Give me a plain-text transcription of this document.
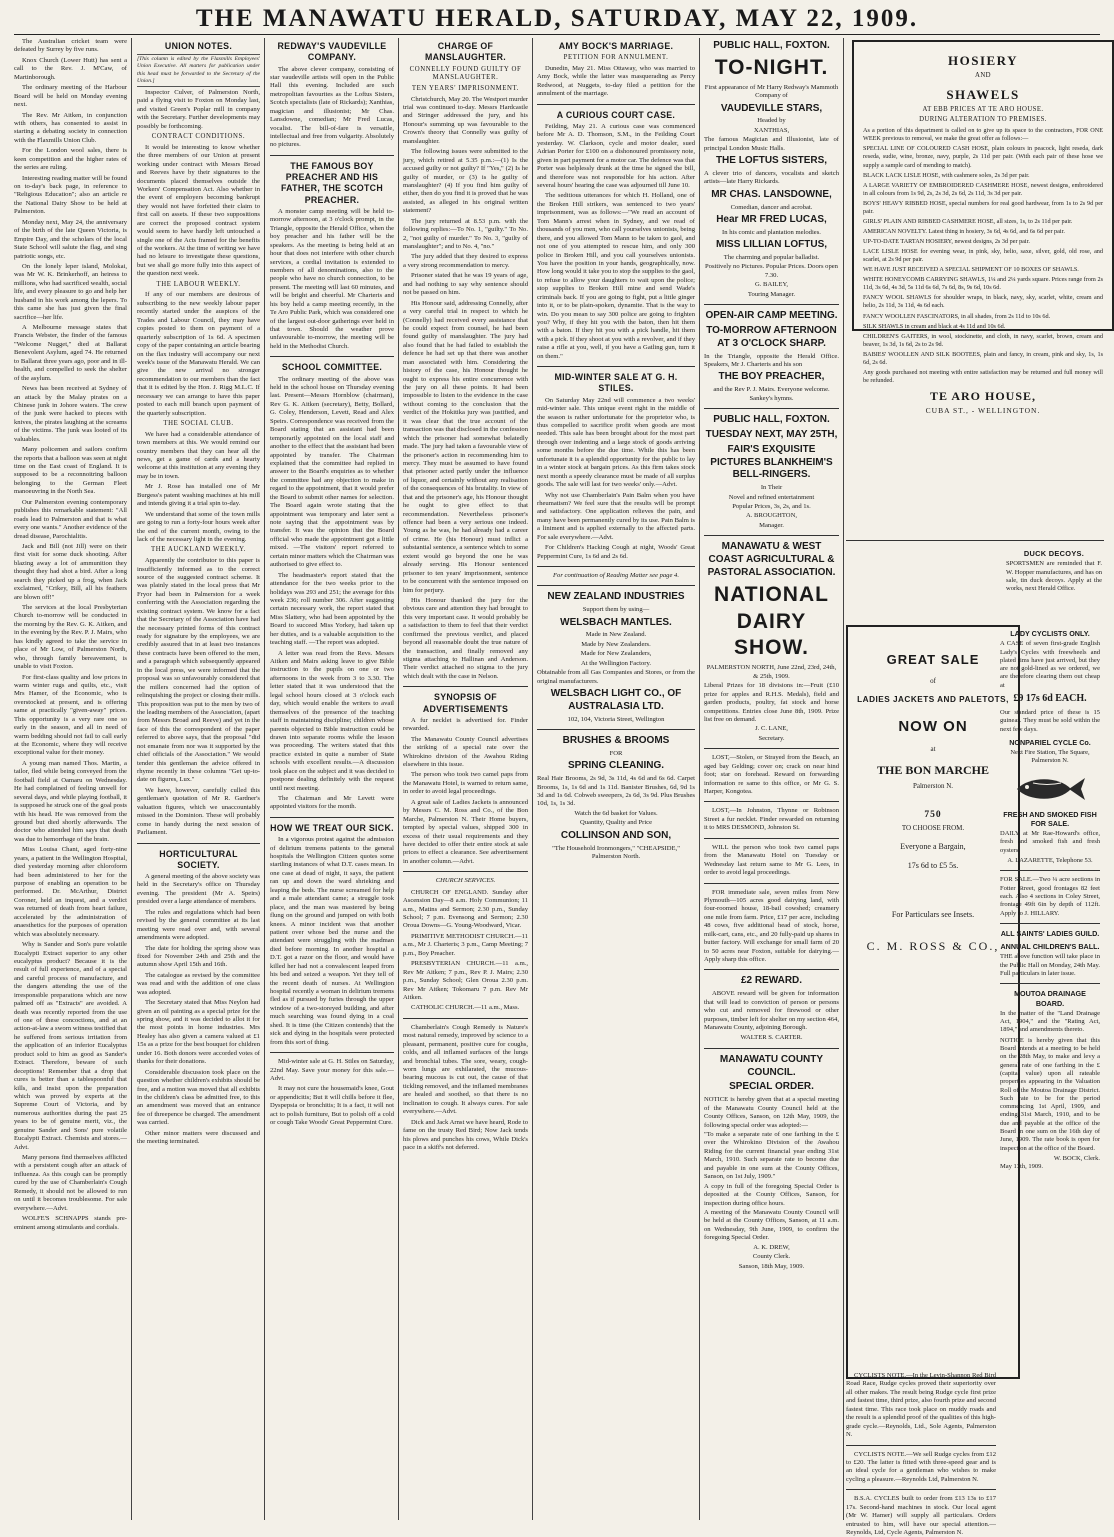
THE MANAWATU HERALD, SATURDAY, MAY 22, 1909.

The Australian cricket team were defeated by Surrey by five runs.

Knox Church (Lower Hutt) has sent a call to the Rev. J. M'Caw, of Martinborough.

The ordinary meeting of the Harbour Board will be held on Monday evening next.

The Rev. Mr Aitken, in conjunction with others, has consented to assist in starting a debating society in connection with the Flaxmills Union Club.

For the London wool sales, there is keen competition and the higher rates of the series are ruling.

Interesting reading matter will be found on to-day's back page, in reference to "Religious Education"; also an article re the National Dairy Show to be held at Palmerston.

Monday next, May 24, the anniversary of the birth of the late Queen Victoria, is Empire Day, and the scholars of the local State School will salute the flag, and sing patriotic songs, etc.

On the lonely leper island, Molokai, was Mr W. K. Brinkerhoff, an heiress to millions, who had sacrificed wealth, social life, and every pleasure to go and help her husband in his work among the lepers. To this came she has just given the final sacrifice—her life.

A Melbourne message states that Francis Webster, the finder of the famous "Welcome Nugget," died at Ballarat Benevolent Asylum, aged 74. He returned to Ballarat three years ago, poor and in ill-health, and compelled to seek the shelter of the asylum.

News has been received at Sydney of an attack by the Malay pirates on a Chinese junk in Johore waters. The crew of the junk were hacked to pieces with knives, the pirates laughing at the screams of the victims. The junk was looted of its valuables.

Many policemen and sailors confirm the reports that a balloon was seen at night time on the East coast of England. It is supposed to be a reconnoitring balloon belonging to the German Fleet manoeuvring in the North Sea.

Our Palmerston evening contemporary publishes this remarkable statement: "All roads lead to Palmerston and that is what every one wants." Another evidence of the dread disease, Parochialitis.

Jack and Bill (not Jill) were on their first visit for some duck shooting. After blazing away a lot of ammunition they thought they had shot a bird. After a long search they picked up a frog, when Jack exclaimed, "Crikey, Bill, all his feathers are blown off!"

The services at the local Presbyterian Church to-morrow will be conducted in the morning by the Rev. G. K. Aitken, and in the evening by the Rev. P. J. Mairs, who has kindly agreed to take the service in place of Mr Low, of Palmerston North, who, through family bereavement, is unable to visit Foxton.

For first-class quality and low prices in warm winter rugs and quilts, etc., visit Mrs Hamer, of the Economic, who is overstocked at present, and is offering same at practically "given-away" prices. This opportunity is a very rare one so early in the season, and all in need of warm bedding should not fail to call early at the Economic, where they will receive exceptional value for their money.

A young man named Thos. Martin, a tailor, fled while being conveyed from the football field at Oamaru on Wednesday. He had complained of feeling unwell for several days, and while playing football, it is supposed he struck one of the goal posts with his head. He was removed from the ground but died shortly afterwards. The doctor who attended him says that death was due to hemorrhage of the brain.

Miss Louisa Chant, aged forty-nine years, a patient in the Wellington Hospital, died yesterday morning after chloroform had been administered to her for the purpose of enabling an operation to be performed. Dr. McArthur, District Coroner, held an inquest, and a verdict was returned of death from heart failure, accelerated by the administration of anaesthetics for the purposes of operation which was absolutely necessary.

Why is Sander and Son's pure volatile Eucalypti Extract superior to any other eucalyptus product? Because it is the result of full experience, and of a special and careful process of manufacture, and the dangers attending the use of the irresponsible preparations which are now palmed off as "Extracts" are avoided. A death was recently reported from the use of one of these concoctions, and at an action-at-law a sworn witness testified that he suffered from serious irritation from the application of an inferior Eucalyptus product sold to him as good as Sander's Extract. Therefore, beware of such deceptions! Remember that a drop that cures is better than a tablespoonful that kills, and insist upon the preparation which was proved by experts at the Supreme Court of Victoria, and by numerous authorities during the past 25 years to be of genuine merit, viz., the genuine Sander and Sons' pure volatile Eucalypti Extract. Chemists and stores.—Advt.

Many persons find themselves afflicted with a persistent cough after an attack of influenza. As this cough can be promptly cured by the use of Chamberlain's Cough Remedy, it should not be allowed to run on until it becomes troublesome. For sale everywhere.—Advt.

WOLFE'S SCHNAPPS stands pre-eminent among stimulants and cordials.

UNION NOTES.
[This column is edited by the Flaxmills Employees' Union Executive. All matters for publication under this head must be forwarded to the Secretary of the Union.]

Inspector Culver, of Palmerston North, paid a flying visit to Foxton on Monday last, and visited Green's Poplar mill in company with the Secretary. Further developments may possibly be forthcoming.

CONTRACT CONDITIONS.

It would be interesting to know whether the three members of our Union at present working under contract with Messrs Broad and Reeves have by their signatures to the documents placed themselves outside the Workers' Compensation Act. Also whether in the event of employers becoming bankrupt they would not have forfeited their claim to first call on assets. If these two suppositions are correct the proposed contract system would seem to have hardly left untouched a single one of the Acts framed for the benefits of the workers. At the time of writing we have had no leisure to investigate these questions, but we shall go more fully into this aspect of the question next week.

THE LABOUR WEEKLY.

If any of our members are desirous of subscribing to the new weekly labour paper recently started under the auspices of the Trades and Labour Council, they may have copies posted to them on payment of a quarterly subscription of 1s 6d. A specimen copy of the paper containing an article bearing on the flax industry will accompany our next week's issue of the Manawatu Herald. We can give the new arrival no stronger recommendation to our members than the fact that it is edited by the Hon. J. Rigg M.L.C. If necessary we can arrange to have this paper posted to each mill branch upon payment of the quarterly subscription.

THE SOCIAL CLUB.

We have had a considerable attendance of town members at this. We would remind our country members that they can hear all the news, get a game of cards and a hearty welcome at this institution at any evening they may be in town.

Mr J. Rose has installed one of Mr Burgess's patent washing machines at his mill and intends giving it a trial spin to-day.

We understand that some of the town mills are going to run a forty-four hours week after the end of the current month, owing to the lack of the necessary light in the evening.

THE AUCKLAND WEEKLY.

Apparently the contributor to this paper is insufficiently informed as to the correct source of the suggested contract scheme. It was plainly stated in the local press that Mr Fryor had been in Palmerston for a week conferring with the Association regarding the existing contract system. We know for a fact that the Secretary of the Association have had the necessary printed forms of this contract ready for signature by the employees, we are credibly assured that in at least two instances these contracts have been offered to the men, and a paragraph which subsequently appeared in the local press, we were informed that the proposal was so unfavourably considered that the millers concerned had the option of relinquishing the project or closing their mills. This proposition was put to the men by two of the leading members of the Association, (apart from Messrs Broad and Reeve) and yet in the face of this the correspondent of the paper referred to above says, that the proposal "did not emanate from nor was it supported by the chief officials of the Association." We would tender this gentleman the advice offered in rhyme recently in these columns "Get up-to-date on figures, Lux."

We have, however, carefully culled this gentleman's quotation of Mr R. Gardner's valuation figures, which we unaccountably missed in the Dominion. These will probably come in handy during the next session of Parliament.

HORTICULTURAL SOCIETY.

A general meeting of the above society was held in the Secretary's office on Thursday evening. The president (Mr A. Speirs) presided over a large attendance of members.

The rules and regulations which had been revised by the general committee at its last meeting were read over and, with several amendments were adopted.

The date for holding the spring show was fixed for November 24th and 25th and the autumn show April 15th and 16th.

The catalogue as revised by the committee was read and with the addition of one class was adopted.

The Secretary stated that Miss Neylon had given an oil painting as a special prize for the spring show, and it was decided to allot it for the most points in home industries. Mrs Healey has also given a camera valued at £1 15s as a prize for the best bouquet for children under 16. Both donors were accorded votes of thanks for their donations.

Considerable discussion took place on the question whether children's exhibits should be free, and a motion was moved that all exhibits in the children's class be admitted free, to this an amendment was moved that an entrance fee of threepence be charged. The amendment was carried.

Other minor matters were discussed and the meeting terminated.

REDWAY'S VAUDEVILLE COMPANY.

The above clever company, consisting of star vaudeville artists will open in the Public Hall this evening. Included are such metropolitan favourites as the Loftus Sisters, Scotch specialists (late of Rickards); Xanthias, magician and illusionist; Mr Chas. Lansdowne, comedian; Mr Fred Lucas, vocalist. The bill-of-fare is versatile, intellectual and free from vulgarity. Absolutely no pictures.

THE FAMOUS BOY PREACHER AND HIS FATHER, THE SCOTCH PREACHER.

A monster camp meeting will be held to-morrow afternoon, at 3 o'clock prompt, in the Triangle, opposite the Herald Office, when the boy preacher and his father will be the speakers. As the meeting is being held at an hour that does not interfere with other church services, a cordial invitation is extended to members of all denominations, also to the people who have no church connection, to be present. The meeting will last 60 minutes, and will be bright and cheerful. Mr Charteris and his boy held a camp meeting recently, in the Te Aro Public Park, which was considered one of the largest out-door gatherings ever held in that town. Should the weather prove unfavourable to-morrow, the meeting will be held in the Methodist Church.

SCHOOL COMMITTEE.

The ordinary meeting of the above was held in the school house on Thursday evening last. Present—Messrs Hornblow (chairman), Rev G. K. Aitken (secretary), Betty, Bollard, G. Coley, Henderson, Levett, Read and Alex Speirs. Correspondence was received from the Board stating that an assistant had been temporarily appointed on the local staff and another to the effect that the assistant had been appointed by transfer. The Chairman explained that the committee had replied in answer to the Board's enquiries as to whether the committee had any objection to make in regard to the appointment, that it would prefer the Board to submit other names for selection. The Board again wrote stating that the appointment was temporary and later sent a note saying that the appointment was by transfer. It was the opinion that the Board official who made the appointment got a little mixed. —The visitors' report referred to certain minor matters which the Chairman was authorised to give effect to.

The headmaster's report stated that the attendance for the two weeks prior to the holidays was 293 and 251; the average for this week 236; roll number 306. After suggesting certain necessary work, the report stated that Miss Slattery, who had been appointed by the Board to succeed Miss Yorkey, had taken up her duties, and is a valuable acquisition to the teaching staff. —The report was adopted.

A letter was read from the Revs. Messrs Aitken and Mairs asking leave to give Bible instruction to the pupils on one or two afternoons in the week from 3 to 3.30. The letter stated that it was understood that the legal school hours closed at 3 o'clock each day, which would enable the writers to avail themselves of the presence of the teaching staff in maintaining discipline; children whose parents objected to Bible instruction could be drawn into separate rooms while the lesson was proceeding. The writers stated that this practice existed in quite a number of State schools with excellent results.—A discussion took place on the subject and it was decided to postpone dealing definitely with the request until next meeting.

The Chairman and Mr Levett were appointed visitors for the month.

HOW WE TREAT OUR SICK.

In a vigorous protest against the admission of delirium tremens patients to the general hospitals the Wellington Citizen quotes some startling instances of what D.T. cases mean. In one case at dead of night, it says, the patient ran up and down the ward shrieking and leaping the beds. The nurse screamed for help and a male attendant came; a struggle took place, and the man was mastered by being flung on the ground and jumped on with both knees. A minor incident was that another patient over whose bed the nurse and the attendant were struggling with the madman died before morning. In another hospital a D.T. got a razor on the floor, and would have killed her had not a convalescent leaped from his bed and seized a weapon. Yet they tell of the recent death of nurses. At Wellington hospital recently a woman in delirium tremens fled as if pursued by furies through the upper window of a two-storeyed building, and after much searching was found dying in a coal shed. It is time (the Citizen contends) that the sick and dying in the hospitals were protected from this sort of thing.

Mid-winter sale at G. H. Stiles on Saturday, 22nd May. Save your money for this sale.—Advt.

It may not cure the housemaid's knee, Gout or appendicitis; But it will chills before it flee, Dyspepsia or bronchitis; It is a fact, it will not act to polish furniture, But to polish off a cold or cough Take Woods' Great Peppermint Cure.

CHARGE OF MANSLAUGHTER.
CONNELLY FOUND GUILTY OF MANSLAUGHTER.
TEN YEARS' IMPRISONMENT.

Christchurch, May 20. The Westport murder trial was continued to-day. Messrs Hardcastle and Stringer addressed the jury, and his Honour's summing up was favourable to the Crown's theory that Connelly was guilty of manslaughter.

The following issues were submitted to the jury, which retired at 5.35 p.m.:—(1) Is the accused guilty or not guilty? If "Yes," (2) Is he guilty of murder, or (3) is he guilty of manslaughter? (4) If you find him guilty of either, then do you find it is proved that he was assisted, as alleged in his original written statement?

The jury returned at 8.53 p.m. with the following replies:—To No. 1, "guilty." To No. 2, "not guilty of murder." To No. 3, "guilty of manslaughter"; and to No. 4, "no."

The jury added that they desired to express a very strong recommendation to mercy.

Prisoner stated that he was 19 years of age, and had nothing to say why sentence should not be passed on him.

His Honour said, addressing Connelly, after a very careful trial in respect to which he (Connelly) had received every assistance that he could expect from counsel, he had been found guilty of manslaughter. The jury had also found that he had failed to establish the defence he had set up that there was another man associated with him. Considering the history of the case, his Honour thought he ought to express his entire concurrence with the jury on all these points. It had been impossible to listen to the evidence in the case without coming to the conclusion that the verdict of the Hokitika jury was justified, and it was clear that the true account of the transaction was that disclosed in the confession which the prisoner had somewhat belatedly made. The jury had taken a favourable view of the prisoner's action in recommending him to mercy. They must be assumed to have found that prisoner acted partly under the influence of liquor, and certainly without any realisation of the consequences of his brutality. In view of that and the prisoner's age, his Honour thought he ought to give effect to that recommendation. Nevertheless prisoner's offence had been a very serious one indeed. Young as he was, he had already had a career of crime. He (his Honour) must inflict a substantial sentence, a sentence which to some extent would go beyond the one he was already serving. His Honour sentenced prisoner to ten years' imprisonment, sentence to be concurrent with the sentence imposed on him for perjury.

His Honour thanked the jury for the obvious care and attention they had brought to this very important case. It would probably be a satisfaction to them to feel that their verdict confirmed the previous verdict, and placed beyond all reasonable doubt the true nature of the transaction, and finally removed any stigma attaching to Hallinan and Anderson. Their verdict attached no stigma to the jury which dealt with the case in Nelson.

SYNOPSIS OF ADVERTISEMENTS

A fur necklet is advertised for. Finder rewarded.

The Manawatu County Council advertises the striking of a special rate over the Whirokino division of the Awahou Riding elsewhere in this issue.

The person who took two camel paps from the Manawatu Hotel, is warned to return same, in order to avoid legal proceedings.

A great sale of Ladies Jackets is announced by Messrs C. M. Ross and Co., of the Bon Marche, Palmerston N. Their Home buyers, tempted by special values, shipped 300 in excess of their usual requirements and they have decided to offer their entire stock at sale prices to effect a clearance. See advertisement in another column.—Advt.

CHURCH SERVICES.

CHURCH OF ENGLAND. Sunday after Ascension Day—8 a.m. Holy Communion; 11 a.m., Matins and Sermon; 2.30 p.m., Sunday School; 7 p.m. Evensong and Sermon; 2.30 Oroua Downs—G. Young-Woodward, Vicar.

PRIMITIVE METHODIST CHURCH.—11 a.m., Mr J. Charteris; 3 p.m., Camp Meeting; 7 p.m., Boy Preacher.

PRESBYTERIAN CHURCH.—11 a.m., Rev Mr Aitken; 7 p.m., Rev P. J. Mairs; 2.30 p.m., Sunday School; Glen Oroua 2.30 p.m. Rev Mr Aitken; Tokomaru 7 p.m. Rev Mr Aitken.

CATHOLIC CHURCH.—11 a.m., Mass.

Chamberlain's Cough Remedy is Nature's most natural remedy, improved by science to a pleasant, permanent, positive cure for coughs, colds, and all inflamed surfaces of the lungs and bronchial tubes. The sore, weary, cough-worn lungs are exhilarated, the mucous-bearing mucous is cut out, the cause of that tickling removed, and the inflamed membranes are healed and soothed, so that there is no inclination to cough. It always cures. For sale everywhere.—Advt.

Dick and Jack Arnst we have heard, Rode to fame on the trusty Red Bird; Now Jack tends his plows and punches his cows, While Dick's pace in a skiff's not deferred.

AMY BOCK'S MARRIAGE.
PETITION FOR ANNULMENT.

Dunedin, May 21. Miss Ottaway, who was married to Amy Bock, while the latter was masquerading as Percy Redwood, at Nuggets, to-day filed a petition for the annulment of the marriage.

A CURIOUS COURT CASE.

Feilding, May 21. A curious case was commenced before Mr A. D. Thomson, S.M., in the Feilding Court yesterday. W. Clarkson, cycle and motor dealer, sued Adrian Porter for £100 on a dishonoured promissory note, given in part payment for a motor car. The defence was that Porter was helplessly drunk at the time he signed the bill, and therefore was not responsible for his action. After several hours' hearing the case was adjourned till June 10.

The seditious utterances for which H. Holland, one of the Broken Hill strikers, was sentenced to two years' imprisonment, was as follows:—"We read an account of Tom Mann's arrest when in Sydney, and we read of thousands of you men, who call yourselves unionists, being there, and you allowed Tom Mann to be taken to gaol, and not one of you attempted to rescue him, and only 300 police in Broken Hill, and you call yourselves unionists. You have the position in your hands, geographically, now. How long would it take you to stop the supplies to the gaol, to refuse to allow your daughters to wait upon the police; stop supplies to Broken Hill mine and send Wade's criminals back. If you are going to fight, put a little ginger into it, or to be plain-spoken, dynamite. That is the way to win. Do you mean to say 300 police are going to frighten you? Why, if they hit you with the baton, then hit them with a baton. If they hit you with a pick handle, hit them with a pick. If they shoot at you with a revolver, and if they raise a rifle at you, well, if you have a Gatling gun, turn it on them."

MID-WINTER SALE AT G. H. STILES.

On Saturday May 22nd will commence a two weeks' mid-winter sale. This unique event right in the middle of the season is rather unfortunate for the proprietor who, is thus compelled to sacrifice profit when goods are most needed. This sale has been brought about for the most part through over indenting and a large stock of goods arriving some months before the due time. While this has been unfortunate it is a splendid opportunity for the public to lay in a winter stock at bargain prices. As this firm takes stock next month a speedy clearance must be made of all surplus goods. The sale will last for two weeks' only.—Advt.

Why not use Chamberlain's Pain Balm when you have rheumatism? We feel sure that the results will be prompt and satisfactory. One application relieves the pain, and many have been permanently cured by its use. Pain Balm is a liniment and is applied externally to the affected parts. For sale everywhere.—Advt.

For Children's Hacking Cough at night, Woods' Great Peppermint Cure, 1s 6d and 2s 6d.

For continuation of Reading Matter see page 4.
NEW ZEALAND INDUSTRIES
Support them by using—
WELSBACH MANTLES.
Made in New Zealand.
Made by New Zealanders.
Made for New Zealanders,
At the Wellington Factory.
Obtainable from all Gas Companies and Stores, or from the original manufacturers.
WELSBACH LIGHT CO., OF AUSTRALASIA LTD.
102, 104, Victoria Street, Wellington
BRUSHES & BROOMS
FOR
SPRING CLEANING.
Real Hair Brooms, 2s 9d, 3s 11d, 4s 6d and 6s 6d. Carpet Brooms, 1s, 1s 6d and 1s 11d. Banister Brushes, 6d, 9d 1s 3d and 1s 6d. Cobweb sweepers, 2s 6d, 3s 9d. Plus Brushes 10d, 1s, 1s 3d.
Watch the 6d basket for Values.
Quantity, Quality and Price
COLLINSON AND SON,
"The Household Ironmongers," "CHEAPSIDE," Palmerston North.
PUBLIC HALL, FOXTON.
TO-NIGHT.
First appearance of Mr Harry Redway's Mammoth Company of
VAUDEVILLE STARS,
Headed by
XANTHIAS,
The famous Magician and Illusionist, late of principal London Music Halls.
THE LOFTUS SISTERS,
A clever trio of dancers, vocalists and sketch artists—late Harry Rickards.
MR CHAS. LANSDOWNE,
Comedian, dancer and acrobat.
Hear MR FRED LUCAS,
In his comic and plantation melodies.
MISS LILLIAN LOFTUS,
The charming and popular balladist.
Positively no Pictures. Popular Prices. Doors open 7.30.
G. BAILEY,
Touring Manager.
OPEN-AIR CAMP MEETING.
TO-MORROW AFTERNOON AT 3 O'CLOCK SHARP.
In the Triangle, opposite the Herald Office. Speakers, Mr J. Charteris and his son
THE BOY PREACHER,
and the Rev P. J. Mairs. Everyone welcome. Sankey's hymns.
PUBLIC HALL, FOXTON.
TUESDAY NEXT, MAY 25TH,
FAIR'S EXQUISITE PICTURES BLANKHEIM'S BELL-RINGERS.
In Their
Novel and refined entertainment
Popular Prices, 3s, 2s, and 1s.
A. BROUGHTON,
Manager.
MANAWATU & WEST COAST AGRICULTURAL & PASTORAL ASSOCIATION.
NATIONAL DAIRY SHOW.
PALMERSTON NORTH, June 22nd, 23rd, 24th, & 25th, 1909.
Liberal Prizes for 18 divisions in:—Fruit (£10 prize for apples and R.H.S. Medals), field and garden products, poultry, fat stock and horse competitions. Entries close June 8th, 1909. Prize list free on demand.
J. C. LANE,
Secretary.

LOST,—Stolen, or Strayed from the Beach, an aged bay Gelding; cover on; crack on near hind foot; star on forehead. Reward on forwarding information re same to this office, or Mr G. S. Harper, Kongotea.

LOST,—In Johnston, Thynne or Robinson Street a fur necklet. Finder rewarded on returning it to MRS DESMOND, Johnston St.

WILL the person who took two camel paps from the Manawatu Hotel on Tuesday or Wednesday last return same to Mr G. Lees, in order to avoid legal proceedings.

FOR immediate sale, seven miles from New Plymouth—105 acres good dairying land, with four-roomed house, 18-bail cowshed; creamery one mile from farm. Price, £17 per acre, including 48 cows, five additional head of stock, horse, milk-cart, cans, etc., and 20 fully-paid up shares in butter factory. Will exchange for small farm of 20 to 50 acres near Foxton, suitable for dairying.—Apply sharp this office.

£2 REWARD.

ABOVE reward will be given for information that will lead to conviction of person or persons who cut and removed for firewood or other purposes, timber left for shelter on my section 464, Manawatu County, adjoining Borough.

WALTER S. CARTER.
MANAWATU COUNTY COUNCIL.
SPECIAL ORDER.
NOTICE is hereby given that at a special meeting of the Manawatu County Council held at the County Offices, Sanson, on 12th May, 1909, the following special order was adopted:—
"To make a separate rate of one farthing in the £ over the Whirokino Division of the Awahou Riding for the current financial year ending 31st March, 1910. Such separate rate to become due and payable in one sum at the County Offices, Sanson, on 1st July, 1909."
A copy in full of the foregoing Special Order is deposited at the County Offices, Sanson, for inspection during office hours.
A meeting of the Manawatu County Council will be held at the County Offices, Sanson, at 11 a.m. on Wednesday, 9th June, 1909, to confirm the foregoing Special Order.
A. K. DREW,
County Clerk.
Sanson, 18th May, 1909.
HOSIERY
AND
SHAWELS
AT EBB PRICES AT TE ARO HOUSE.
DURING ALTERATION TO PREMISES.

As a portion of this department is called on to give up its space to the contractors, FOR ONE WEEK previous to removal, we make the great offer as follows:—

SPECIAL LINE OF COLOURED CASH HOSE, plain colours in peacock, light reseda, dark reseda, sudie, wine, bronze, navy, purple, 2s 11d per pair. (With each pair of these hose we supply a sample card of mending to match).

BLACK LACK LISLE HOSE, with cashmere soles, 2s 3d per pair.

A LARGE VARIETY OF EMBROIDERED CASHMERE HOSE, newest designs, embroidered in all colours from 1s 9d, 2s, 2s 3d, 2s 6d, 2s 11d, 3s 3d per pair.

BOYS' HEAVY RIBBED HOSE, special numbers for real good hardwear, from 1s to 2s 9d per pair.

GIRLS' PLAIN AND RIBBED CASHMERE HOSE, all sizes, 1s, to 2s 11d per pair.

AMERICAN NOVELTY. Latest thing in hosiery, 3s 6d, 4s 6d, and 6s 6d per pair.

UP-TO-DATE TARTAN HOSIERY, newest designs, 2s 3d per pair.

LACE LISLE HOSE for evening wear, in pink, sky, helio, saxe, silver, gold, old rose, and scarlet, at 2s 9d per pair.

WE HAVE JUST RECEIVED A SPECIAL SHIPMENT OF 10 BOXES OF SHAWLS.

WHITE HONEYCOMB CARRYING SHAWLS, 1¼ and 2¼ yards square. Prices range from 2s 11d, 3s 6d, 4s 3d, 5s 11d 6s 6d, 7s 6d, 8s, 9s 6d, 10s 6d.

FANCY WOOL SHAWLS for shoulder wraps, in black, navy, sky, scarlet, white, cream and helio, 2s 11d, 3s 11d, 4s 6d each.

FANCY WOOLLEN FASCINATORS, in all shades, from 2s 11d to 10s 6d.

SILK SHAWLS in cream and black at 4s 11d and 10s 6d.

CHILDREN'S GAITERS, in wool, stockinette, and cloth, in navy, scarlet, brown, cream and beaver, 1s 3d, 1s 6d, 2s to 2s 9d.

BABIES' WOOLLEN AND SILK BOOTEES, plain and fancy, in cream, pink and sky, 1s, 1s 6d, 2s 6d.

Any goods purchased not meeting with entire satisfaction may be returned and full money will be refunded.

TE ARO HOUSE,
CUBA ST., - WELLINGTON.
DUCK DECOYS.

SPORTSMEN are reminded that F. W. Hopper manufactures, and has on sale, tin duck decoys. Apply at the works, next Herald Office.

GREAT SALE
of
LADIES JACKETS AND PALETOTS,
NOW ON
at
THE BON MARCHE
Palmerston N.
750
TO CHOOSE FROM.
Everyone a Bargain,
17s 6d to £5 5s.
For Particulars see Insets.
C. M. ROSS & CO.,
LADY CYCLISTS ONLY.

A CASE of seven first-grade English Lady's Cycles with freewheels and plated rims have just arrived, but they are not gold-lined as we ordered, we are therefore clearing them out cheap at

£9 17s 6d EACH.

Our standard price of these is 15 guineas. They must be sold within the next few days.

NONPARIEL CYCLE Co.
Next Fire Station, The Square, Palmerston N.
FRESH AND SMOKED FISH FOR SALE.

DAILY at Mr Rae-Howard's office, fresh and smoked fish and fresh oysters.

A. LAZARETTE, Telephone 53.

FOR SALE.—Two ¼ acre sections in Fotter Street, good frontages 82 feet each. Also 4 sections in Coley Street, frontage 49ft 6in by depth of 112ft. Apply to J. HILLARY.

ALL SAINTS' LADIES GUILD.
ANNUAL CHILDREN'S BALL.

THE above function will take place in the Public Hall on Monday, 24th May. Full particulars in later issue.

MOUTOA DRAINAGE BOARD.

In the matter of the "Land Drainage Act, 1904," and the "Rating Act, 1894," and amendments thereto.

NOTICE is hereby given that this Board intends at a meeting to be held on the 28th May, to make and levy a general rate of one farthing in the £ (capital value) upon all rateable properties appearing in the Valuation Roll of the Moutoa Drainage District. Such rate to be for the period commencing 1st April, 1909, and ending 31st March, 1910, and to be due and payable at the office of the Board in one sum on the 16th day of June, 1909. The rate book is open for inspection at the office of the Board.

W. BOCK, Clerk.
May 13th, 1909.

CYCLISTS NOTE.—In the Levin-Shannon Red Bird Road Race, Rudge cycles proved their superiority over all other makes. The result being Rudge cycle first prize and fastest time, third prize, also fourth prize and second fastest time. This race took place on muddy roads and the result is a splendid proof of the qualities of this high-grade cycle.—Reynolds, Ltd., Sole Agents, Palmerston N.

CYCLISTS NOTE.—We sell Rudge cycles from £12 to £20. The latter is fitted with three-speed gear and is an ideal cycle for a gentleman who wishes to make cycling a pleasure.—Reynolds Ltd, Palmerston N.

B.S.A. CYCLES built to order from £13 13s to £17 17s. Second-hand machines in stock. Our local agent (Mr W. Hamer) will supply all particulars. Orders entrusted to him, will have our special attention.—Reynolds, Ltd, Cycle Agents, Palmerston N.
